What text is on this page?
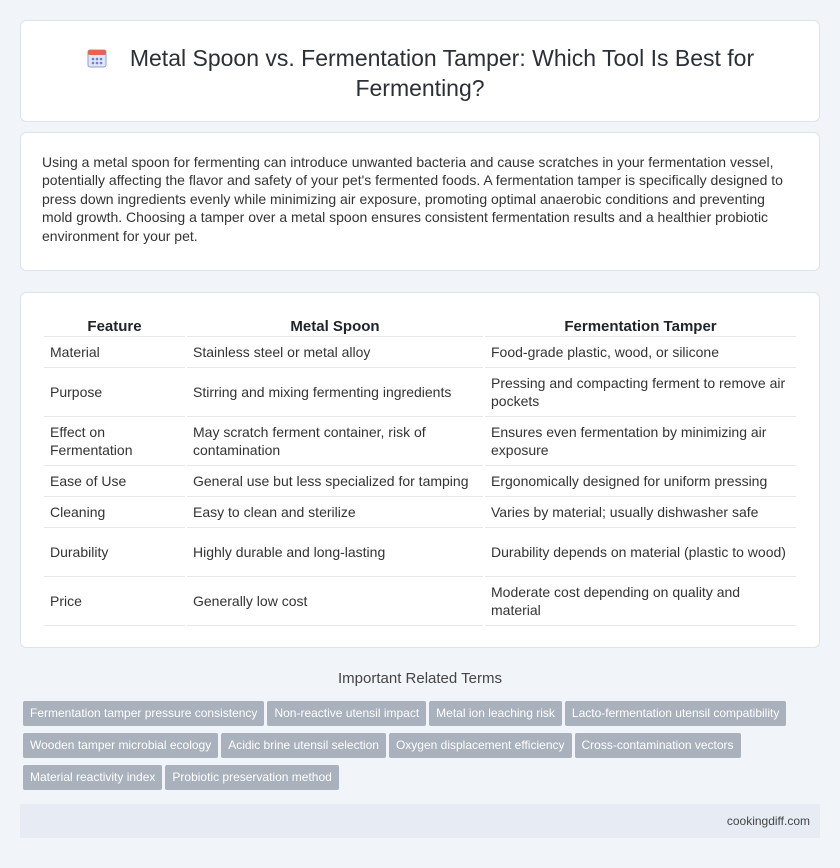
Metal Spoon vs. Fermentation Tamper: Which Tool Is Best for Fermenting?

Using a metal spoon for fermenting can introduce unwanted bacteria and cause scratches in your fermentation vessel, potentially affecting the flavor and safety of your pet's fermented foods. A fermentation tamper is specifically designed to press down ingredients evenly while minimizing air exposure, promoting optimal anaerobic conditions and preventing mold growth. Choosing a tamper over a metal spoon ensures consistent fermentation results and a healthier probiotic environment for your pet.

Feature	Metal Spoon	Fermentation Tamper
Material	Stainless steel or metal alloy	Food-grade plastic, wood, or silicone
Purpose	Stirring and mixing fermenting ingredients	Pressing and compacting ferment to remove air pockets
Effect on Fermentation	May scratch ferment container, risk of contamination	Ensures even fermentation by minimizing air exposure
Ease of Use	General use but less specialized for tamping	Ergonomically designed for uniform pressing
Cleaning	Easy to clean and sterilize	Varies by material; usually dishwasher safe
Durability	Highly durable and long-lasting	Durability depends on material (plastic to wood)
Price	Generally low cost	Moderate cost depending on quality and material
Important Related Terms
Fermentation tamper pressure consistency Non-reactive utensil impact Metal ion leaching risk Lacto-fermentation utensil compatibilityWooden tamper microbial ecology Acidic brine utensil selection Oxygen displacement efficiency Cross-contamination vectorsMaterial reactivity index Probiotic preservation method
cookingdiff.com
